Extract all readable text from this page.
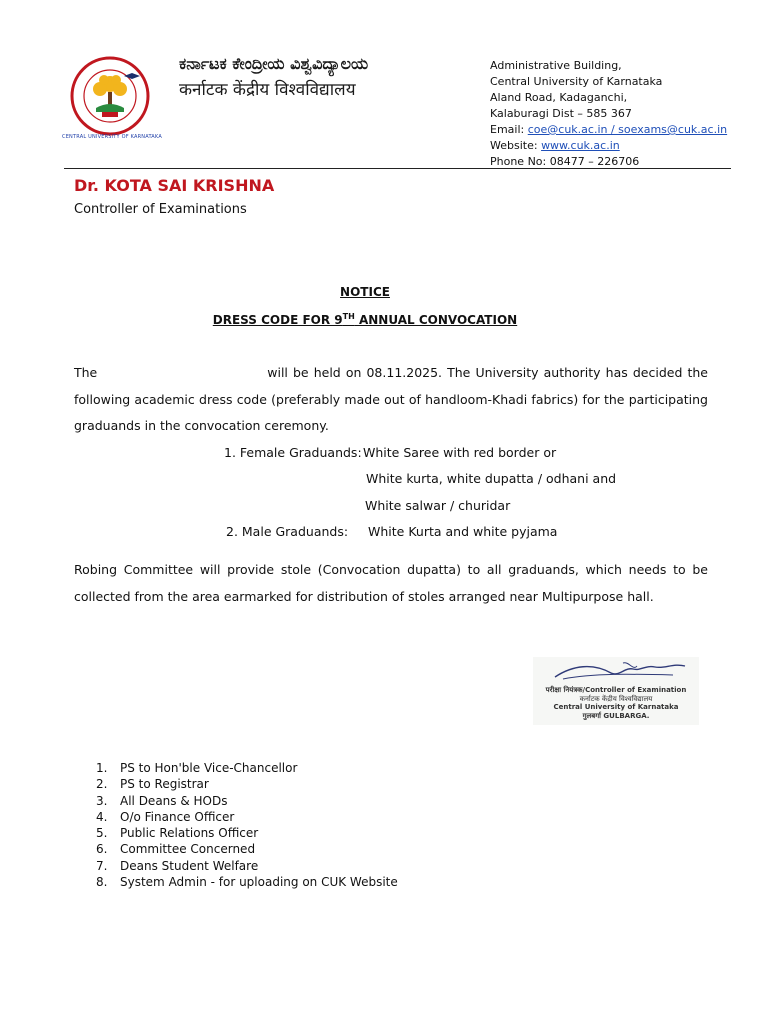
ಕರ್ನಾಟಕ ಕೇಂದ್ರೀಯ ವಿಶ್ವವಿದ್ಯಾಲಯ
कर्नाटक केंद्रीय विश्वविद्यालय
CENTRAL UNIVERSITY OF KARNATAKA
Administrative Building,
Central University of Karnataka
Aland Road, Kadaganchi,
Kalaburagi Dist – 585 367
Email: coe@cuk.ac.in / soexams@cuk.ac.in
Website: www.cuk.ac.in
Phone No: 08477 – 226706
Dr. KOTA SAI KRISHNA
Controller of Examinations
NOTICE
DRESS CODE FOR 9TH ANNUAL CONVOCATION
The	will be held on 08.11.2025. The University authority has decided the following academic dress code (preferably made out of handloom-Khadi fabrics) for the participating graduands in the convocation ceremony.
1. Female Graduands: White Saree with red border or
White kurta, white dupatta / odhani and
White salwar / churidar
2. Male Graduands: White Kurta and white pyjama
Robing Committee will provide stole (Convocation dupatta) to all graduands, which needs to be collected from the area earmarked for distribution of stoles arranged near Multipurpose hall.
परीक्षा नियंत्रक/Controller of Examination
कर्नाटक केंद्रीय विश्वविद्यालय
Central University of Karnataka
गुलबर्गा GULBARGA.
1. PS to Hon'ble Vice-Chancellor
2. PS to Registrar
3. All Deans & HODs
4. O/o Finance Officer
5. Public Relations Officer
6. Committee Concerned
7. Deans Student Welfare
8. System Admin - for uploading on CUK Website
